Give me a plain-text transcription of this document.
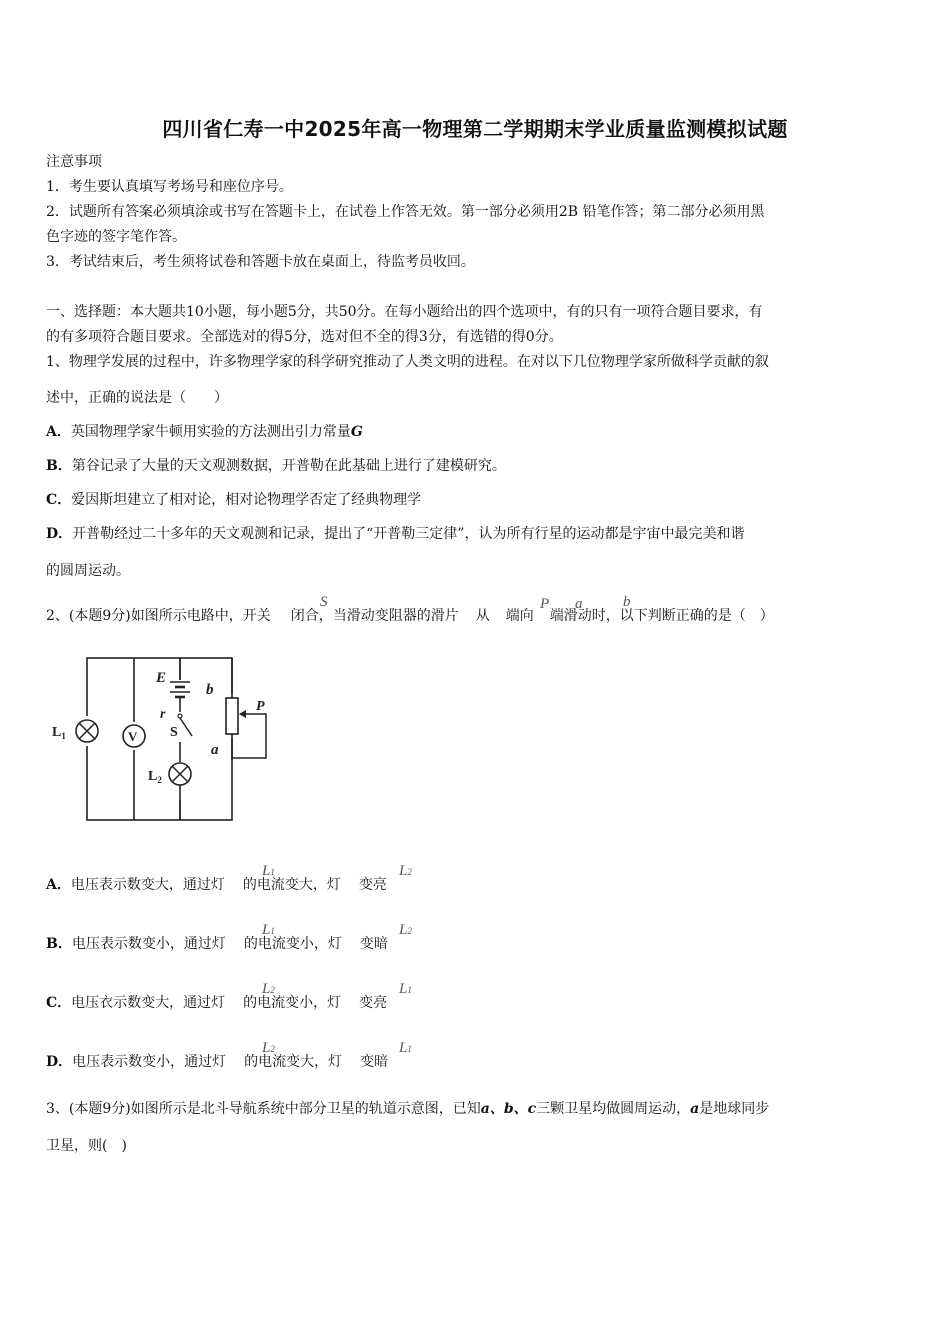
四川省仁寿一中2025年高一物理第二学期期末学业质量监测模拟试题
注意事项
1．考生要认真填写考场号和座位序号。
2．试题所有答案必须填涂或书写在答题卡上，在试卷上作答无效。第一部分必须用2B 铅笔作答；第二部分必须用黑
色字迹的签字笔作答。
3．考试结束后，考生须将试卷和答题卡放在桌面上，待监考员收回。
一、选择题：本大题共10小题，每小题5分，共50分。在每小题给出的四个选项中，有的只有一项符合题目要求，有
的有多项符合题目要求。全部选对的得5分，选对但不全的得3分，有选错的得0分。
1、物理学发展的过程中，许多物理学家的科学研究推动了人类文明的进程。在对以下几位物理学家所做科学贡献的叙
述中，正确的说法是（　　）
A．英国物理学家牛顿用实验的方法测出引力常量G
B．第谷记录了大量的天文观测数据，开普勒在此基础上进行了建模研究。
C．爱因斯坦建立了相对论，相对论物理学否定了经典物理学
D．开普勒经过二十多年的天文观测和记录，提出了“开普勒三定律”，认为所有行星的运动都是宇宙中最完美和谐
的圆周运动。
2、(本题9分)如图所示电路中，开关 闭合，当滑动变阻器的滑片 从 端向 端滑动时，以下判断正确的是（　）
S	P a	b
$L_1$	V
E
b
r
S
P
a
$L_2$
A．电压表示数变大，通过灯 的电流变大，灯 变亮
L1	L2
B．电压表示数变小，通过灯 的电流变小，灯 变暗
L1	L2
C．电压衣示数变大，通过灯 的电流变小，灯 变亮
L2	L1
D．电压表示数变小，通过灯 的电流变大，灯 变暗
L2	L1
3、(本题9分)如图所示是北斗导航系统中部分卫星的轨道示意图，已知a、b、c三颗卫星均做圆周运动，a是地球同步
卫星，则(　)
